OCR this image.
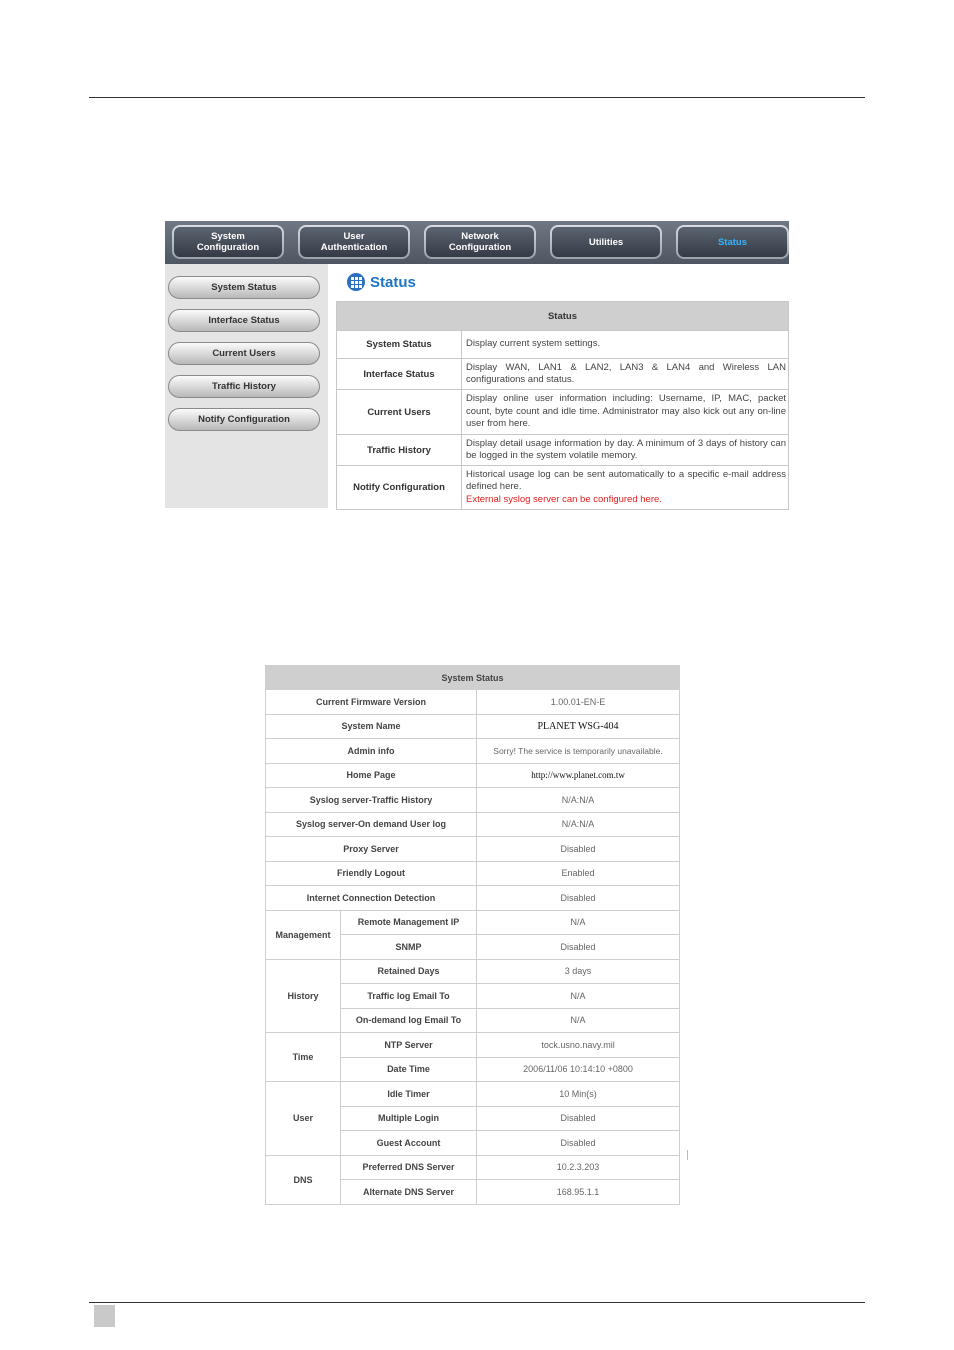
System
Configuration
User
Authentication
Network
Configuration	Utilities	Status
System Status
Interface Status
Current Users
Traffic History
Notify Configuration
Status
Status	
System Status	Display current system settings.
Interface Status	Display WAN, LAN1 & LAN2, LAN3 & LAN4 and Wireless LAN configurations and status.
Current Users	Display online user information including: Username, IP, MAC, packet count, byte count and idle time. Administrator may also kick out any on-line user from here.
Traffic History	Display detail usage information by day. A minimum of 3 days of history can be logged in the system volatile memory.
Notify Configuration	Historical usage log can be sent automatically to a specific e-mail address defined here.
External syslog server can be configured here.
System Status		
Current Firmware Version		1.00.01-EN-E
System Name		PLANET WSG-404
Admin info		Sorry! The service is temporarily unavailable.
Home Page		http://www.planet.com.tw
Syslog server-Traffic History		N/A:N/A
Syslog server-On demand User log		N/A:N/A
Proxy Server		Disabled
Friendly Logout		Enabled
Internet Connection Detection		Disabled
Management	Remote Management IP	N/A
	SNMP	Disabled
History	Retained Days	3 days
	Traffic log Email To	N/A
	On-demand log Email To	N/A
Time	NTP Server	tock.usno.navy.mil
	Date Time	2006/11/06 10:14:10 +0800
User	Idle Timer	10 Min(s)
	Multiple Login	Disabled
	Guest Account	Disabled
DNS	Preferred DNS Server	10.2.3.203
	Alternate DNS Server	168.95.1.1
